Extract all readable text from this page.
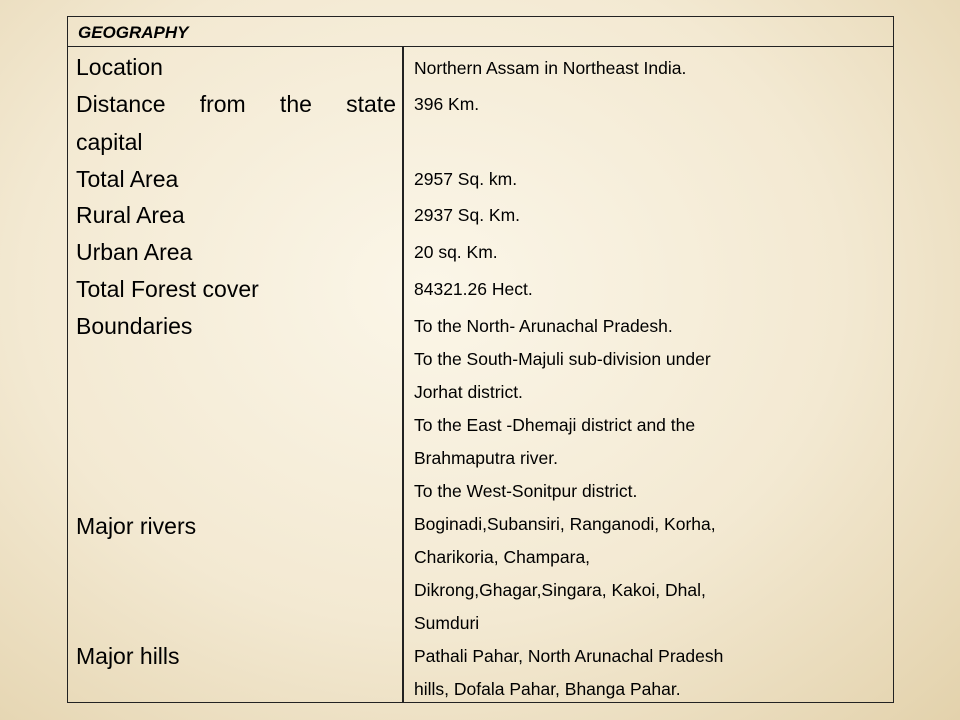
GEOGRAPHY
Location
Distance from the state
capital
Total Area
Rural Area
Urban Area
Total Forest cover
Boundaries
Major rivers
Major hills
Northern Assam in Northeast India.
396 Km.
2957 Sq. km.
2937 Sq. Km.
20 sq. Km.
84321.26 Hect.
To the North- Arunachal Pradesh.
To the South-Majuli sub-division under
Jorhat district.
To the East -Dhemaji district and the
Brahmaputra river.
To the West-Sonitpur district.
Boginadi,Subansiri, Ranganodi, Korha,
Charikoria, Champara,
Dikrong,Ghagar,Singara, Kakoi, Dhal,
Sumduri
Pathali Pahar, North Arunachal Pradesh
hills, Dofala Pahar, Bhanga Pahar.
